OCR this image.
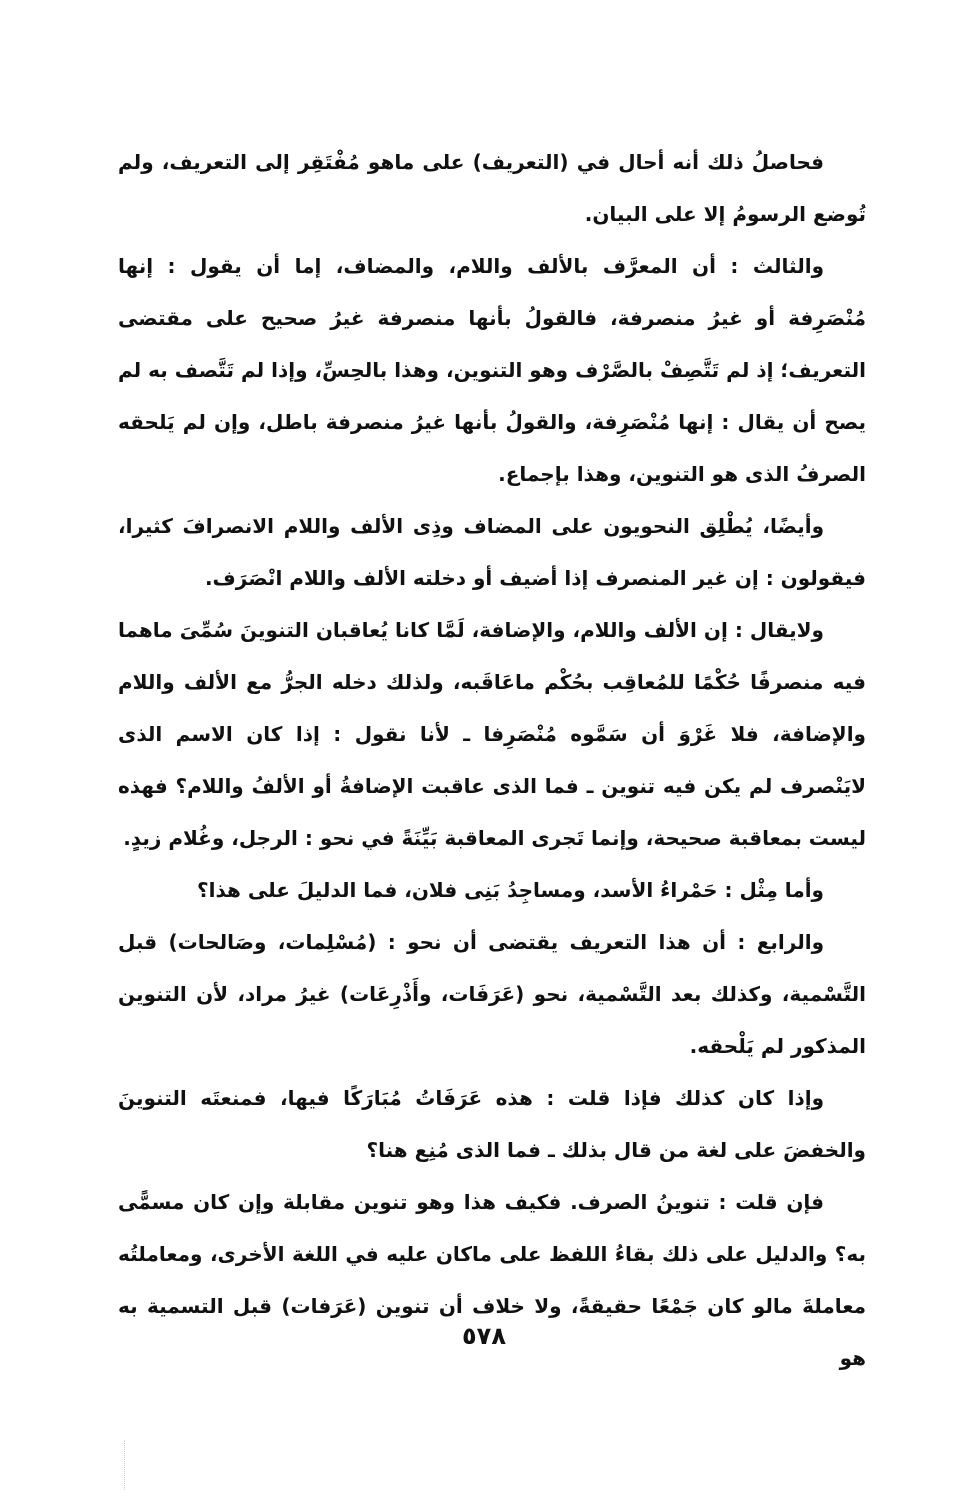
فحاصلُ ذلك أنه أحال في (التعريف) على ماهو مُفْتَقِر إلى التعريف، ولم تُوضع الرسومُ إلا على البيان.

والثالث : أن المعرَّف بالألف واللام، والمضاف، إما أن يقول : إنها مُنْصَرِفة أو غيرُ منصرفة، فالقولُ بأنها منصرفة غيرُ صحيح على مقتضى التعريف؛ إذ لم تَتَّصِفْ بالصَّرْف وهو التنوين، وهذا بالحِسِّ، وإذا لم تَتَّصف به لم يصح أن يقال : إنها مُنْصَرِفة، والقولُ بأنها غيرُ منصرفة باطل، وإن لم يَلحقه الصرفُ الذى هو التنوين، وهذا بإجماع.

وأيضًا، يُطْلِق النحويون على المضاف وذِى الألف واللام الانصرافَ كثيرا، فيقولون : إن غير المنصرف إذا أضيف أو دخلته الألف واللام انْصَرَف.

ولايقال : إن الألف واللام، والإضافة، لَمَّا كانا يُعاقبان التنوينَ سُمِّىَ ماهما فيه منصرفًا حُكْمًا للمُعاقِب بحُكْم ماعَاقَبه، ولذلك دخله الجرُّ مع الألف واللام والإضافة، فلا غَرْوَ أن سَمَّوه مُنْصَرِفا ـ لأنا نقول : إذا كان الاسم الذى لايَنْصرف لم يكن فيه تنوين ـ فما الذى عاقبت الإضافةُ أو الألفُ واللام؟ فهذه ليست بمعاقبة صحيحة، وإنما تَجرى المعاقبة بَيِّنَةً في نحو : الرجل، وغُلام زيدٍ.

وأما مِثْل : حَمْراءُ الأسد، ومساجِدُ بَنِى فلان، فما الدليلَ على هذا؟

والرابع : أن هذا التعريف يقتضى أن نحو : (مُسْلِمات، وصَالحات) قبل التَّسْمية، وكذلك بعد التَّسْمية، نحو (عَرَفَات، وأَذْرِعَات) غيرُ مراد، لأن التنوين المذكور لم يَلْحقه.

وإذا كان كذلك فإذا قلت : هذه عَرَفَاتُ مُبَارَكًا فيها، فمنعتَه التنوينَ والخفضَ على لغة من قال بذلك ـ فما الذى مُنِع هنا؟

فإن قلت : تنوينُ الصرف. فكيف هذا وهو تنوين مقابلة وإن كان مسمًّى به؟ والدليل على ذلك بقاءُ اللفظ على ماكان عليه في اللغة الأخرى، ومعاملتُه معاملةَ مالو كان جَمْعًا حقيقةً، ولا خلاف أن تنوين (عَرَفات) قبل التسمية به هو

٥٧٨
